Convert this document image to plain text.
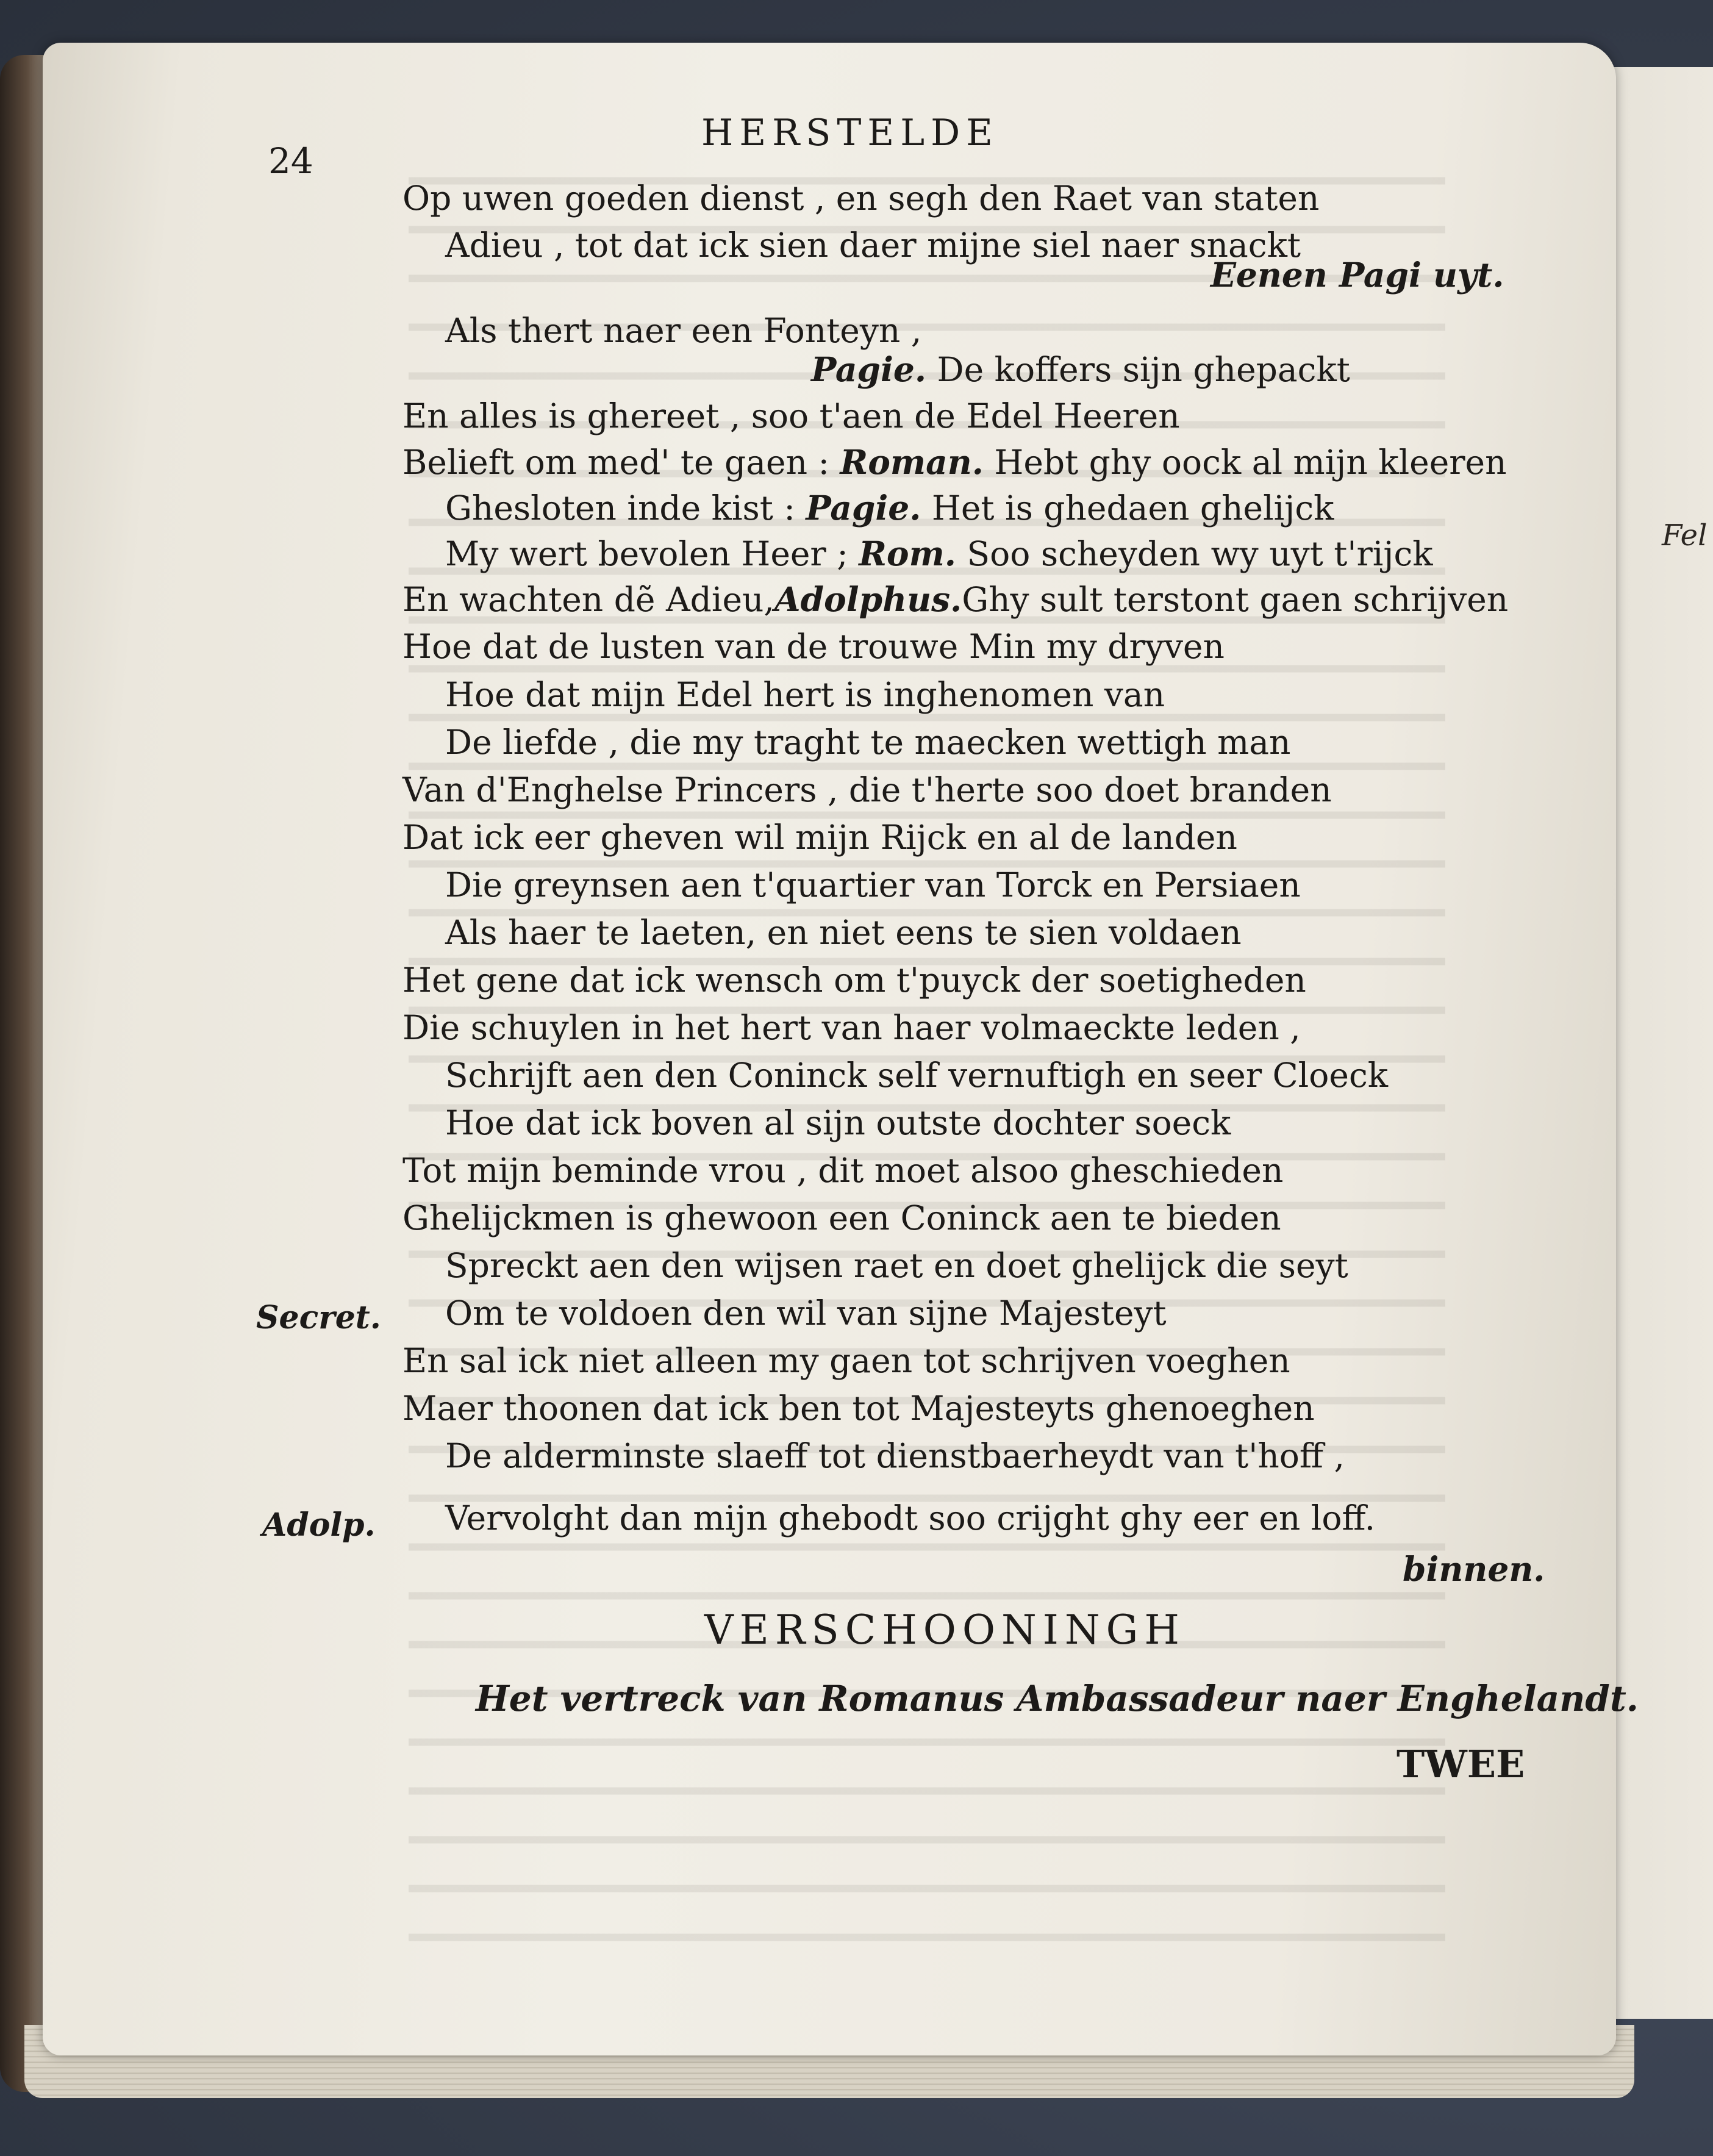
Fel
24
HERSTELDE
Op uwen goeden dienst , en segh den Raet van staten
Adieu , tot dat ick sien daer mijne siel naer snackt
Eenen Pagi uyt.
Als thert naer een Fonteyn ,
Pagie. De koffers sijn ghepackt
En alles is ghereet , soo t'aen de Edel Heeren
Belieft om med' te gaen : Roman. Hebt ghy oock al mijn kleeren
Ghesloten inde kist : Pagie. Het is ghedaen ghelijck
My wert bevolen Heer ; Rom. Soo scheyden wy uyt t'rijck
En wachten dẽ Adieu,Adolphus.Ghy sult terstont gaen schrijven
Hoe dat de lusten van de trouwe Min my dryven
Hoe dat mijn Edel hert is inghenomen van
De liefde , die my traght te maecken wettigh man
Van d'Enghelse Princers , die t'herte soo doet branden
Dat ick eer gheven wil mijn Rijck en al de landen
Die greynsen aen t'quartier van Torck en Persiaen
Als haer te laeten, en niet eens te sien voldaen
Het gene dat ick wensch om t'puyck der soetigheden
Die schuylen in het hert van haer volmaeckte leden ,
Schrijft aen den Coninck self vernuftigh en seer Cloeck
Hoe dat ick boven al sijn outste dochter soeck
Tot mijn beminde vrou , dit moet alsoo gheschieden
Ghelijckmen is ghewoon een Coninck aen te bieden
Spreckt aen den wijsen raet en doet ghelijck die seyt
Secret. Om te voldoen den wil van sijne Majesteyt
En sal ick niet alleen my gaen tot schrijven voeghen
Maer thoonen dat ick ben tot Majesteyts ghenoeghen
De alderminste slaeff tot dienstbaerheydt van t'hoff ,
Adolp. Vervolght dan mijn ghebodt soo crijght ghy eer en loff.
binnen.
VERSCHOONINGH
Het vertreck van Romanus Ambassadeur naer Enghelandt.
TWEE
